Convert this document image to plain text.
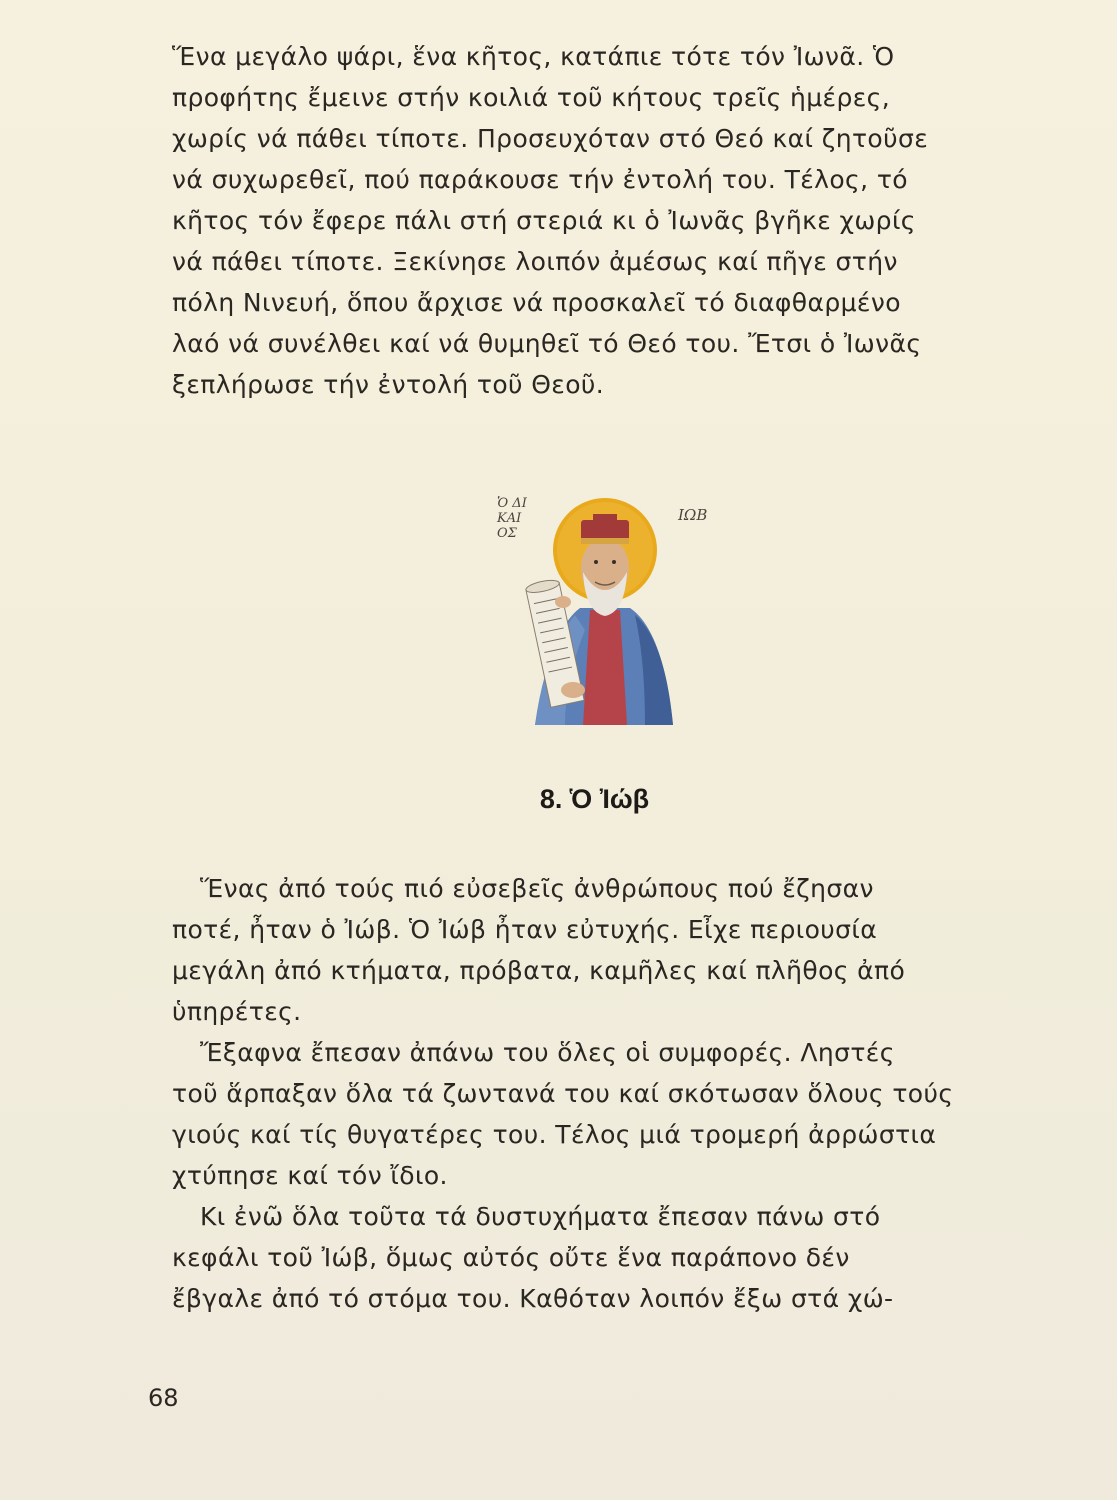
Ἕνα μεγάλο ψάρι, ἕνα κῆτος, κατάπιε τότε τόν Ἰωνᾶ. Ὁ
προφήτης ἔμεινε στήν κοιλιά τοῦ κήτους τρεῖς ἡμέρες,
χωρίς νά πάθει τίποτε. Προσευχόταν στό Θεό καί ζητοῦσε
νά συχωρεθεῖ, πού παράκουσε τήν ἐντολή του. Τέλος, τό
κῆτος τόν ἔφερε πάλι στή στεριά κι ὁ Ἰωνᾶς βγῆκε χωρίς
νά πάθει τίποτε. Ξεκίνησε λοιπόν ἀμέσως καί πῆγε στήν
πόλη Νινευή, ὅπου ἄρχισε νά προσκαλεῖ τό διαφθαρμένο
λαό νά συνέλθει καί νά θυμηθεῖ τό Θεό του. Ἔτσι ὁ Ἰωνᾶς
ξεπλήρωσε τήν ἐντολή τοῦ Θεοῦ.
Ὁ ΔΙ
ΚΑΙ
ΟΣ
ΙΩΒ
8. Ὁ Ἰώβ
Ἕνας ἀπό τούς πιό εὐσεβεῖς ἀνθρώπους πού ἔζησαν
ποτέ, ἦταν ὁ Ἰώβ. Ὁ Ἰώβ ἦταν εὐτυχής. Εἶχε περιουσία
μεγάλη ἀπό κτήματα, πρόβατα, καμῆλες καί πλῆθος ἀπό
ὑπηρέτες.
Ἔξαφνα ἔπεσαν ἀπάνω του ὅλες οἱ συμφορές. Ληστές
τοῦ ἅρπαξαν ὅλα τά ζωντανά του καί σκότωσαν ὅλους τούς
γιούς καί τίς θυγατέρες του. Τέλος μιά τρομερή ἀρρώστια
χτύπησε καί τόν ἴδιο.
Κι ἐνῶ ὅλα τοῦτα τά δυστυχήματα ἔπεσαν πάνω στό
κεφάλι τοῦ Ἰώβ, ὅμως αὐτός οὔτε ἕνα παράπονο δέν
ἔβγαλε ἀπό τό στόμα του. Καθόταν λοιπόν ἔξω στά χώ-
68
